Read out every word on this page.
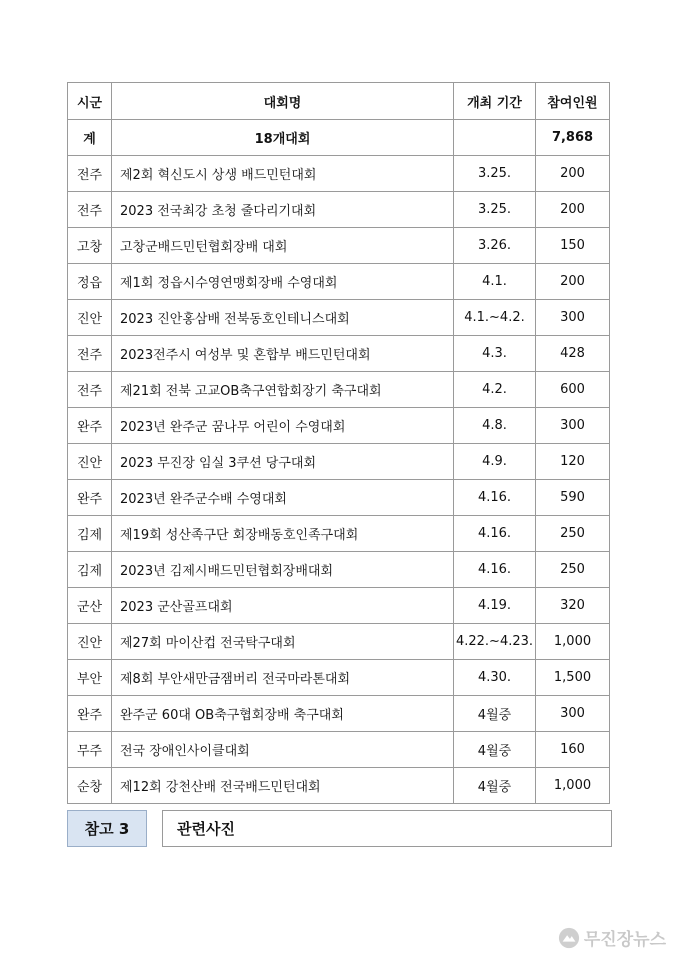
시군	대회명	개최 기간	참여인원
계	18개대회		7,868
전주	제2회 혁신도시 상생 배드민턴대회	3.25.	200
전주	2023 전국최강 초청 줄다리기대회	3.25.	200
고창	고창군배드민턴협회장배 대회	3.26.	150
정읍	제1회 정읍시수영연맹회장배 수영대회	4.1.	200
진안	2023 진안홍삼배 전북동호인테니스대회	4.1.~4.2.	300
전주	2023전주시 여성부 및 혼합부 배드민턴대회	4.3.	428
전주	제21회 전북 고교OB축구연합회장기 축구대회	4.2.	600
완주	2023년 완주군 꿈나무 어린이 수영대회	4.8.	300
진안	2023 무진장 임실 3쿠션 당구대회	4.9.	120
완주	2023년 완주군수배 수영대회	4.16.	590
김제	제19회 성산족구단 회장배동호인족구대회	4.16.	250
김제	2023년 김제시배드민턴협회장배대회	4.16.	250
군산	2023 군산골프대회	4.19.	320
진안	제27회 마이산컵 전국탁구대회	4.22.~4.23.	1,000
부안	제8회 부안새만금잼버리 전국마라톤대회	4.30.	1,500
완주	완주군 60대 OB축구협회장배 축구대회	4월중	300
무주	전국 장애인사이클대회	4월중	160
순창	제12회 강천산배 전국배드민턴대회	4월중	1,000
참고 3	관련사진
무진장뉴스
